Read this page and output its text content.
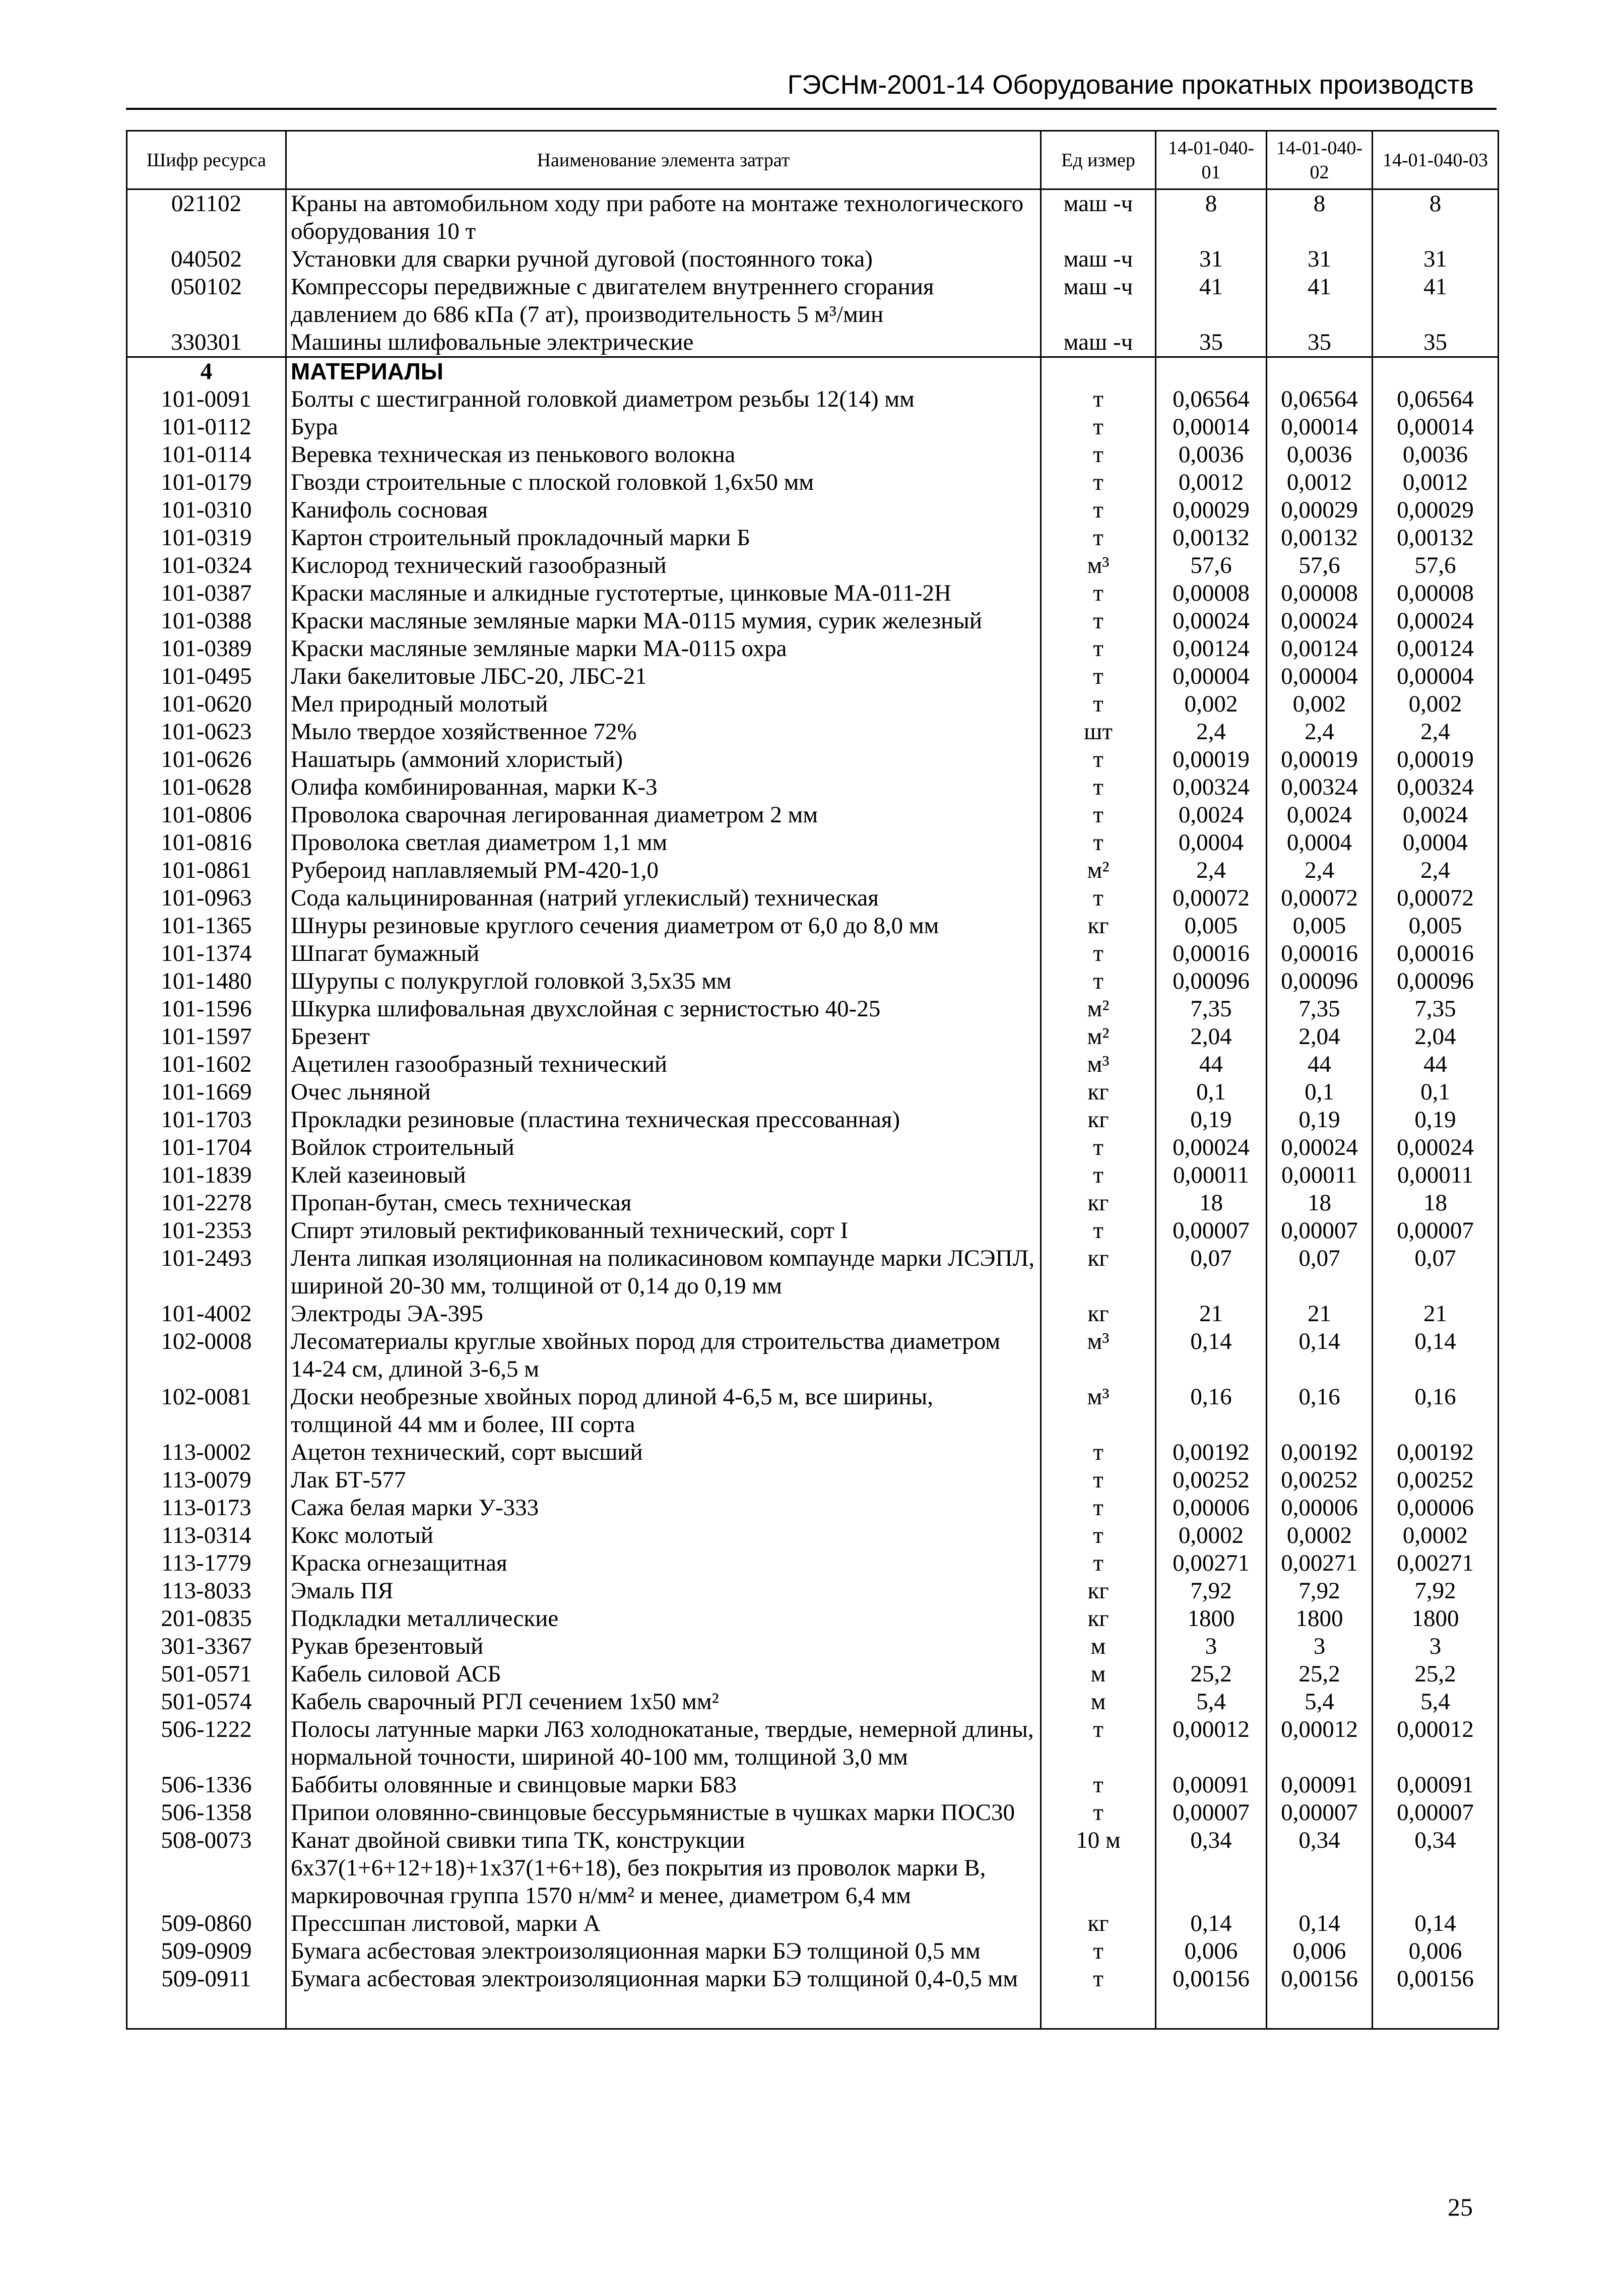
ГЭСНм-2001-14 Оборудование прокатных производств
Шифр ресурса	Наименование элемента затрат	Ед измер	14-01-040-01	14-01-040-02	14-01-040-03
021102	Краны на автомобильном ходу при работе на монтаже технологического оборудования 10 т	маш -ч	8	8	8
040502	Установки для сварки ручной дуговой (постоянного тока)	маш -ч	31	31	31
050102	Компрессоры передвижные с двигателем внутреннего сгорания давлением до 686 кПа (7 ат), производительность 5 м³/мин	маш -ч	41	41	41
330301	Машины шлифовальные электрические	маш -ч	35	35	35
4	МАТЕРИАЛЫ				
101-0091	Болты с шестигранной головкой диаметром резьбы 12(14) мм	т	0,06564	0,06564	0,06564
101-0112	Бура	т	0,00014	0,00014	0,00014
101-0114	Веревка техническая из пенькового волокна	т	0,0036	0,0036	0,0036
101-0179	Гвозди строительные с плоской головкой 1,6x50 мм	т	0,0012	0,0012	0,0012
101-0310	Канифоль сосновая	т	0,00029	0,00029	0,00029
101-0319	Картон строительный прокладочный марки Б	т	0,00132	0,00132	0,00132
101-0324	Кислород технический газообразный	м³	57,6	57,6	57,6
101-0387	Краски масляные и алкидные густотертые, цинковые МА-011-2Н	т	0,00008	0,00008	0,00008
101-0388	Краски масляные земляные марки МА-0115 мумия, сурик железный	т	0,00024	0,00024	0,00024
101-0389	Краски масляные земляные марки МА-0115 охра	т	0,00124	0,00124	0,00124
101-0495	Лаки бакелитовые ЛБС-20, ЛБС-21	т	0,00004	0,00004	0,00004
101-0620	Мел природный молотый	т	0,002	0,002	0,002
101-0623	Мыло твердое хозяйственное 72%	шт	2,4	2,4	2,4
101-0626	Нашатырь (аммоний хлористый)	т	0,00019	0,00019	0,00019
101-0628	Олифа комбинированная, марки К-3	т	0,00324	0,00324	0,00324
101-0806	Проволока сварочная легированная диаметром 2 мм	т	0,0024	0,0024	0,0024
101-0816	Проволока светлая диаметром 1,1 мм	т	0,0004	0,0004	0,0004
101-0861	Рубероид наплавляемый РМ-420-1,0	м²	2,4	2,4	2,4
101-0963	Сода кальцинированная (натрий углекислый) техническая	т	0,00072	0,00072	0,00072
101-1365	Шнуры резиновые круглого сечения диаметром от 6,0 до 8,0 мм	кг	0,005	0,005	0,005
101-1374	Шпагат бумажный	т	0,00016	0,00016	0,00016
101-1480	Шурупы с полукруглой головкой 3,5x35 мм	т	0,00096	0,00096	0,00096
101-1596	Шкурка шлифовальная двухслойная с зернистостью 40-25	м²	7,35	7,35	7,35
101-1597	Брезент	м²	2,04	2,04	2,04
101-1602	Ацетилен газообразный технический	м³	44	44	44
101-1669	Очес льняной	кг	0,1	0,1	0,1
101-1703	Прокладки резиновые (пластина техническая прессованная)	кг	0,19	0,19	0,19
101-1704	Войлок строительный	т	0,00024	0,00024	0,00024
101-1839	Клей казеиновый	т	0,00011	0,00011	0,00011
101-2278	Пропан-бутан, смесь техническая	кг	18	18	18
101-2353	Спирт этиловый ректификованный технический, сорт I	т	0,00007	0,00007	0,00007
101-2493	Лента липкая изоляционная на поликасиновом компаунде марки ЛСЭПЛ, шириной 20-30 мм, толщиной от 0,14 до 0,19 мм	кг	0,07	0,07	0,07
101-4002	Электроды ЭА-395	кг	21	21	21
102-0008	Лесоматериалы круглые хвойных пород для строительства диаметром 14-24 см, длиной 3-6,5 м	м³	0,14	0,14	0,14
102-0081	Доски необрезные хвойных пород длиной 4-6,5 м, все ширины, толщиной 44 мм и более, III сорта	м³	0,16	0,16	0,16
113-0002	Ацетон технический, сорт высший	т	0,00192	0,00192	0,00192
113-0079	Лак БТ-577	т	0,00252	0,00252	0,00252
113-0173	Сажа белая марки У-333	т	0,00006	0,00006	0,00006
113-0314	Кокс молотый	т	0,0002	0,0002	0,0002
113-1779	Краска огнезащитная	т	0,00271	0,00271	0,00271
113-8033	Эмаль ПЯ	кг	7,92	7,92	7,92
201-0835	Подкладки металлические	кг	1800	1800	1800
301-3367	Рукав брезентовый	м	3	3	3
501-0571	Кабель силовой АСБ	м	25,2	25,2	25,2
501-0574	Кабель сварочный РГЛ сечением 1x50 мм²	м	5,4	5,4	5,4
506-1222	Полосы латунные марки Л63 холоднокатаные, твердые, немерной длины, нормальной точности, шириной 40-100 мм, толщиной 3,0 мм	т	0,00012	0,00012	0,00012
506-1336	Баббиты оловянные и свинцовые марки Б83	т	0,00091	0,00091	0,00091
506-1358	Припои оловянно-свинцовые бессурьмянистые в чушках марки ПОС30	т	0,00007	0,00007	0,00007
508-0073	Канат двойной свивки типа ТК, конструкции 6x37(1+6+12+18)+1x37(1+6+18), без покрытия из проволок марки В, маркировочная группа 1570 н/мм² и менее, диаметром 6,4 мм	10 м	0,34	0,34	0,34
509-0860	Прессшпан листовой, марки А	кг	0,14	0,14	0,14
509-0909	Бумага асбестовая электроизоляционная марки БЭ толщиной 0,5 мм	т	0,006	0,006	0,006
509-0911	Бумага асбестовая электроизоляционная марки БЭ толщиной 0,4-0,5 мм	т	0,00156	0,00156	0,00156

25
